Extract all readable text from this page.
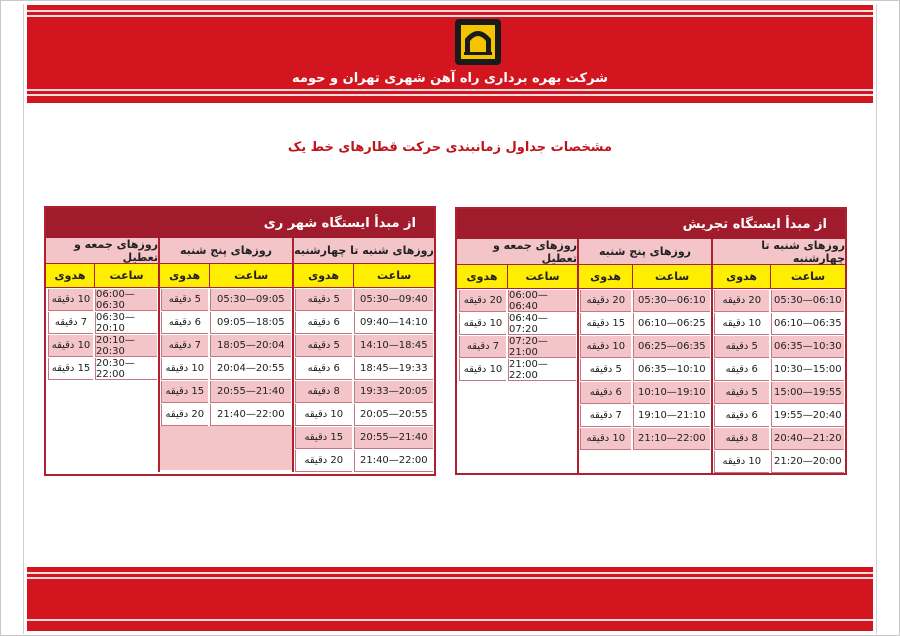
شرکت بهره برداری راه آهن شهری تهران و حومه
مشخصات جداول زمانبندی حرکت قطارهای خط یک
از مبدأ ایستگاه تجریش
روزهای شنبه تا چهارشنبه
ساعت
هدوی
05:30—06:10
20 دقیقه
06:10—06:35
10 دقیقه
06:35—10:30
5 دقیقه
10:30—15:00
6 دقیقه
15:00—19:55
5 دقیقه
19:55—20:40
6 دقیقه
20:40—21:20
8 دقیقه
21:20—20:00
10 دقیقه
روزهای پنج شنبه
ساعت
هدوی
05:30—06:10
20 دقیقه
06:10—06:25
15 دقیقه
06:25—06:35
10 دقیقه
06:35—10:10
5 دقیقه
10:10—19:10
6 دقیقه
19:10—21:10
7 دقیقه
21:10—22:00
10 دقیقه
روزهای جمعه و تعطیل
ساعت
هدوی
06:00—06:40
20 دقیقه
06:40—07:20
10 دقیقه
07:20—21:00
7 دقیقه
21:00—22:00
10 دقیقه
از مبدأ ایستگاه شهر ری
روزهای شنبه تا چهارشنبه
ساعت
هدوی
05:30—09:40
5 دقیقه
09:40—14:10
6 دقیقه
14:10—18:45
5 دقیقه
18:45—19:33
6 دقیقه
19:33—20:05
8 دقیقه
20:05—20:55
10 دقیقه
20:55—21:40
15 دقیقه
21:40—22:00
20 دقیقه
روزهای پنج شنبه
ساعت
هدوی
05:30—09:05
5 دقیقه
09:05—18:05
6 دقیقه
18:05—20:04
7 دقیقه
20:04—20:55
10 دقیقه
20:55—21:40
15 دقیقه
21:40—22:00
20 دقیقه
روزهای جمعه و تعطیل
ساعت
هدوی
06:00—06:30
10 دقیقه
06:30—20:10
7 دقیقه
20:10—20:30
10 دقیقه
20:30—22:00
15 دقیقه
